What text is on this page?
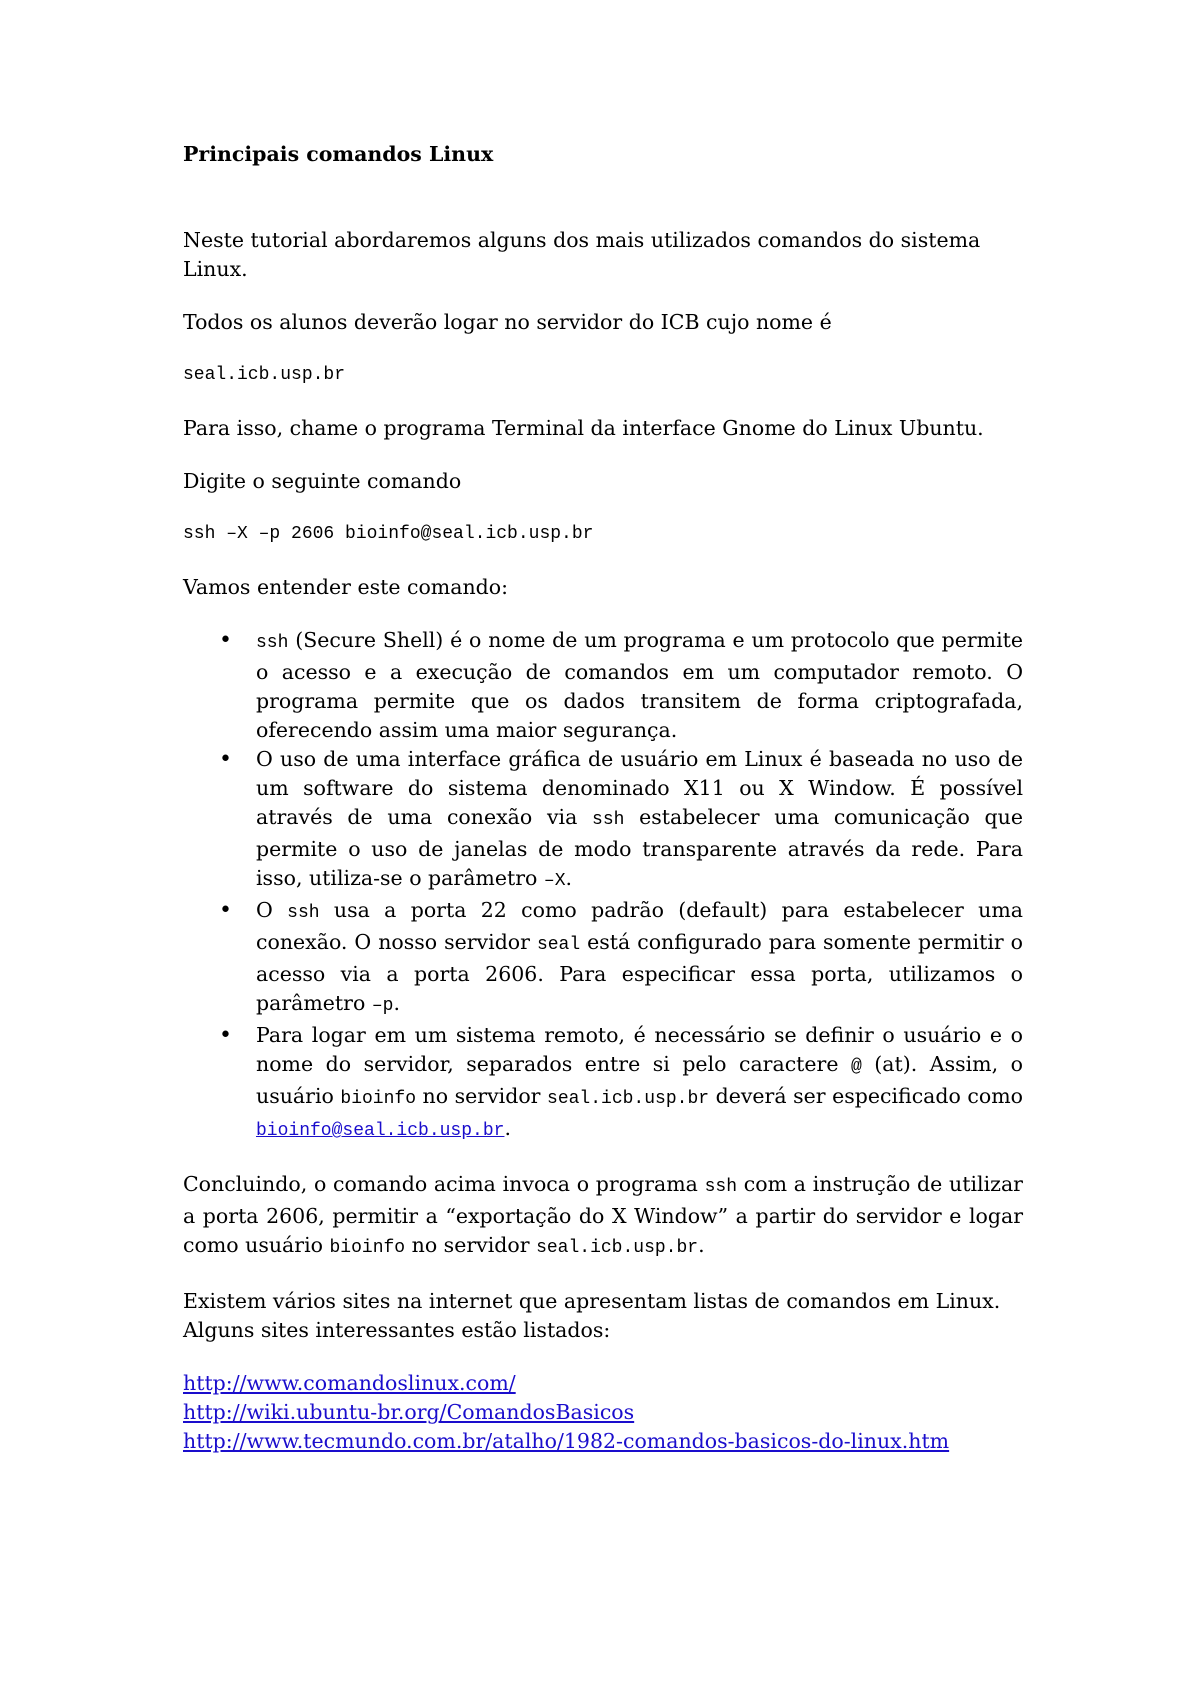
Principais comandos Linux

Neste tutorial abordaremos alguns dos mais utilizados comandos do sistema Linux.

Todos os alunos deverão logar no servidor do ICB cujo nome é

seal.icb.usp.br

Para isso, chame o programa Terminal da interface Gnome do Linux Ubuntu.

Digite o seguinte comando

ssh –X –p 2606 bioinfo@seal.icb.usp.br

Vamos entender este comando:

• ssh (Secure Shell) é o nome de um programa e um protocolo que permite o acesso e a execução de comandos em um computador remoto. O programa permite que os dados transitem de forma criptografada, oferecendo assim uma maior segurança.
• O uso de uma interface gráfica de usuário em Linux é baseada no uso de um software do sistema denominado X11 ou X Window. É possível através de uma conexão via ssh estabelecer uma comunicação que permite o uso de janelas de modo transparente através da rede. Para isso, utiliza-se o parâmetro –X.
• O ssh usa a porta 22 como padrão (default) para estabelecer uma conexão. O nosso servidor seal está configurado para somente permitir o acesso via a porta 2606. Para especificar essa porta, utilizamos o parâmetro –p.
• Para logar em um sistema remoto, é necessário se definir o usuário e o nome do servidor, separados entre si pelo caractere @ (at). Assim, o usuário bioinfo no servidor seal.icb.usp.br deverá ser especificado como bioinfo@seal.icb.usp.br.

Concluindo, o comando acima invoca o programa ssh com a instrução de utilizar a porta 2606, permitir a “exportação do X Window” a partir do servidor e logar como usuário bioinfo no servidor seal.icb.usp.br.

Existem vários sites na internet que apresentam listas de comandos em Linux. Alguns sites interessantes estão listados:

http://www.comandoslinux.com/
http://wiki.ubuntu-br.org/ComandosBasicos
http://www.tecmundo.com.br/atalho/1982-comandos-basicos-do-linux.htm
